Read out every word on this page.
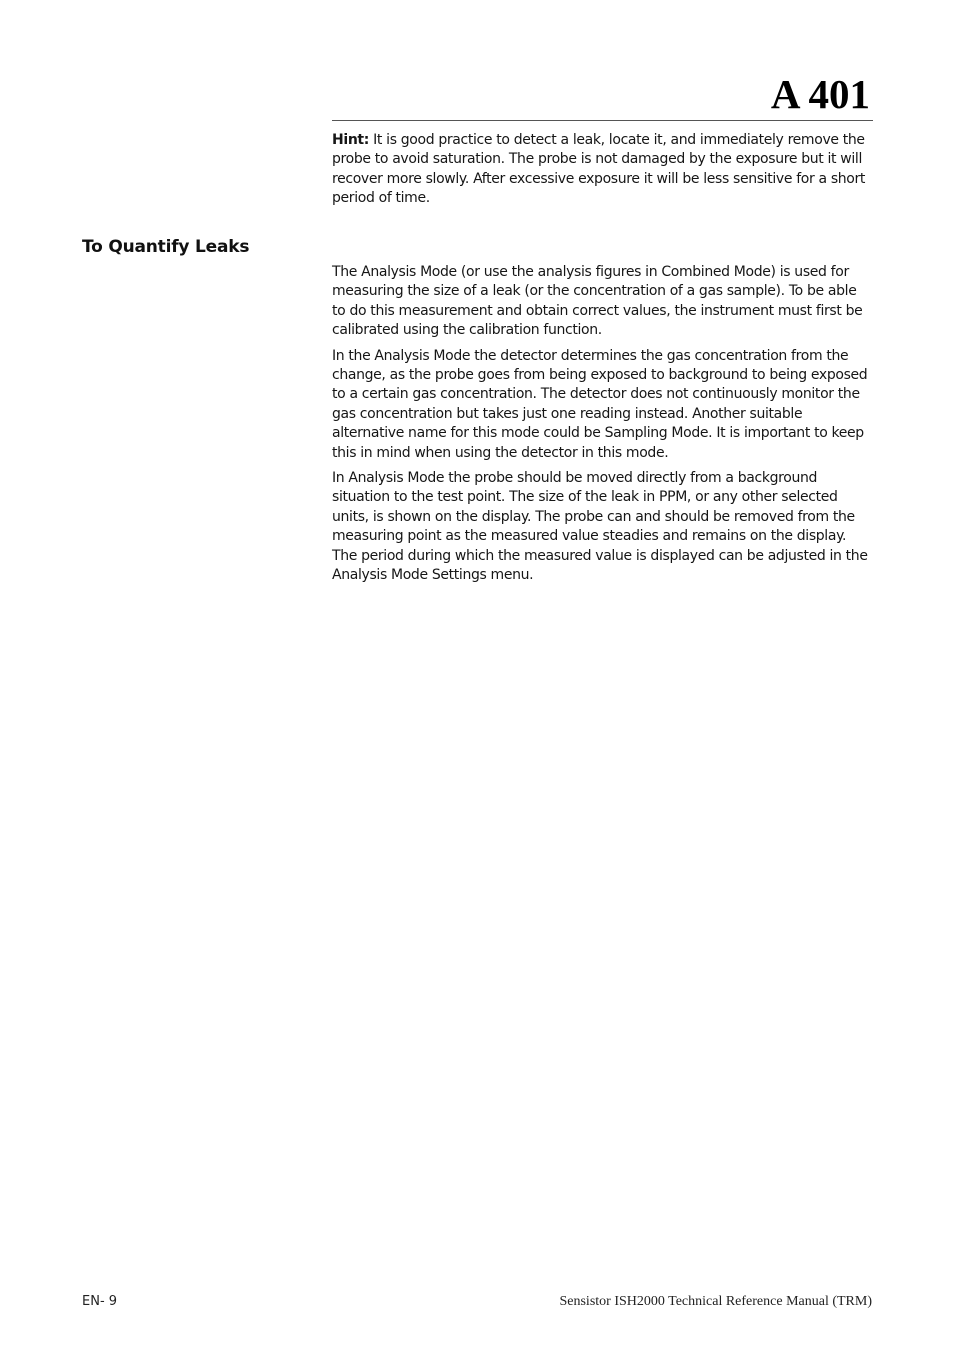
A 401

Hint: It is good practice to detect a leak, locate it, and immediately remove the probe to avoid saturation. The probe is not damaged by the exposure but it will recover more slowly. After excessive exposure it will be less sensitive for a short period of time.

To Quantify Leaks

The Analysis Mode (or use the analysis figures in Combined Mode) is used for measuring the size of a leak (or the concentration of a gas sample). To be able to do this measurement and obtain correct values, the instrument must first be calibrated using the calibration function.

In the Analysis Mode the detector determines the gas concentration from the change, as the probe goes from being exposed to background to being exposed to a certain gas concentration. The detector does not continuously monitor the gas concentration but takes just one reading instead. Another suitable alternative name for this mode could be Sampling Mode. It is important to keep this in mind when using the detector in this mode.

In Analysis Mode the probe should be moved directly from a background situation to the test point. The size of the leak in PPM, or any other selected units, is shown on the display. The probe can and should be removed from the measuring point as the measured value steadies and remains on the display. The period during which the measured value is displayed can be adjusted in the Analysis Mode Settings menu.

EN- 9	Sensistor ISH2000 Technical Reference Manual (TRM)
